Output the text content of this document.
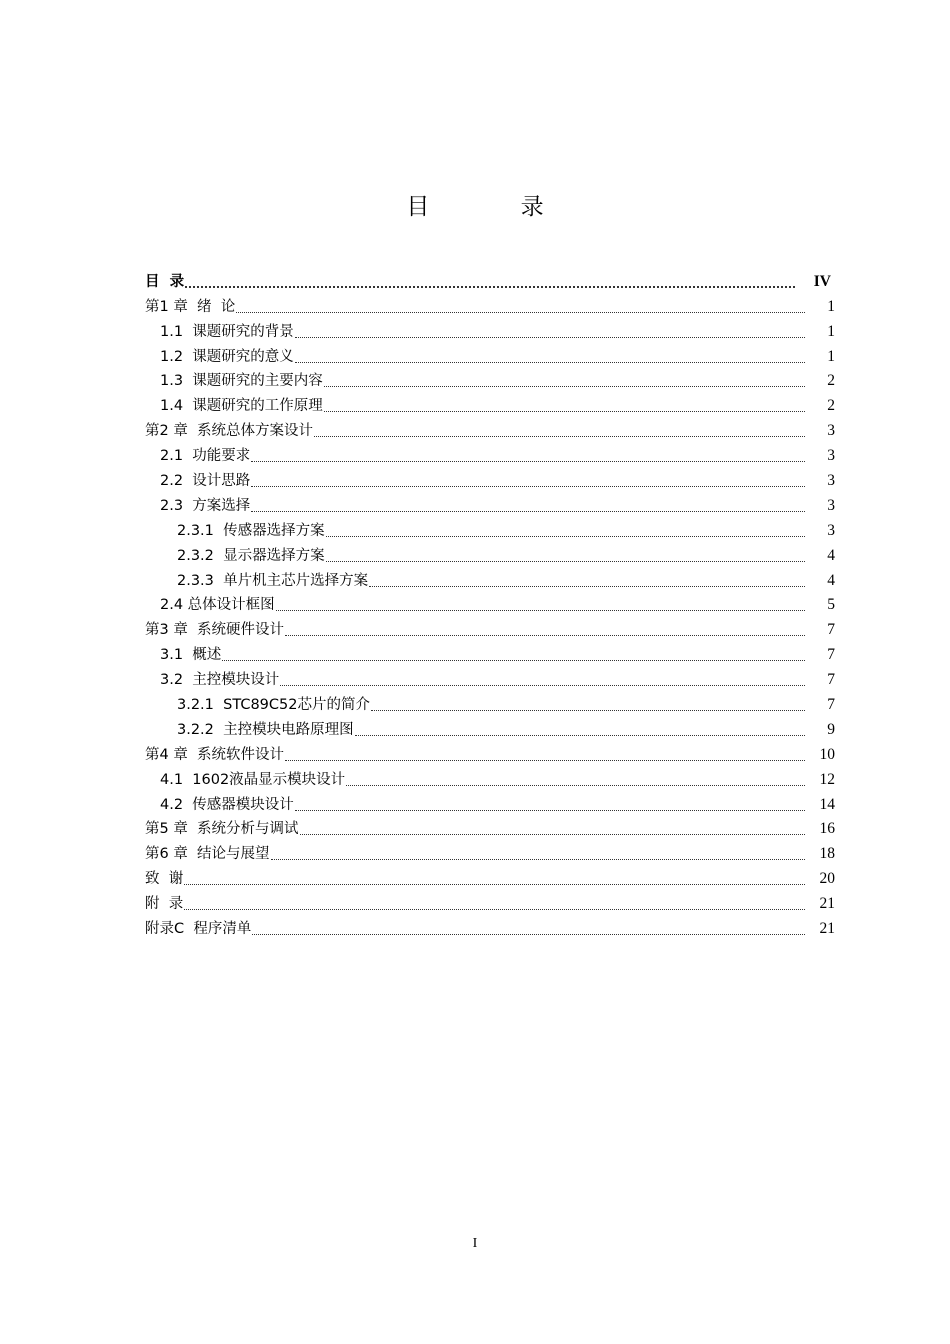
目 录
目  录	IV
第1 章  绪  论	1
1.1  课题研究的背景	1
1.2  课题研究的意义	1
1.3  课题研究的主要内容	2
1.4  课题研究的工作原理	2
第2 章  系统总体方案设计	3
2.1  功能要求	3
2.2  设计思路	3
2.3  方案选择	3
2.3.1  传感器选择方案	3
2.3.2  显示器选择方案	4
2.3.3  单片机主芯片选择方案	4
2.4 总体设计框图	5
第3 章  系统硬件设计	7
3.1  概述	7
3.2  主控模块设计	7
3.2.1  STC89C52芯片的简介	7
3.2.2  主控模块电路原理图	9
第4 章  系统软件设计	10
4.1  1602液晶显示模块设计	12
4.2  传感器模块设计	14
第5 章  系统分析与调试	16
第6 章  结论与展望	18
致  谢	20
附  录	21
附录C  程序清单	21
I
